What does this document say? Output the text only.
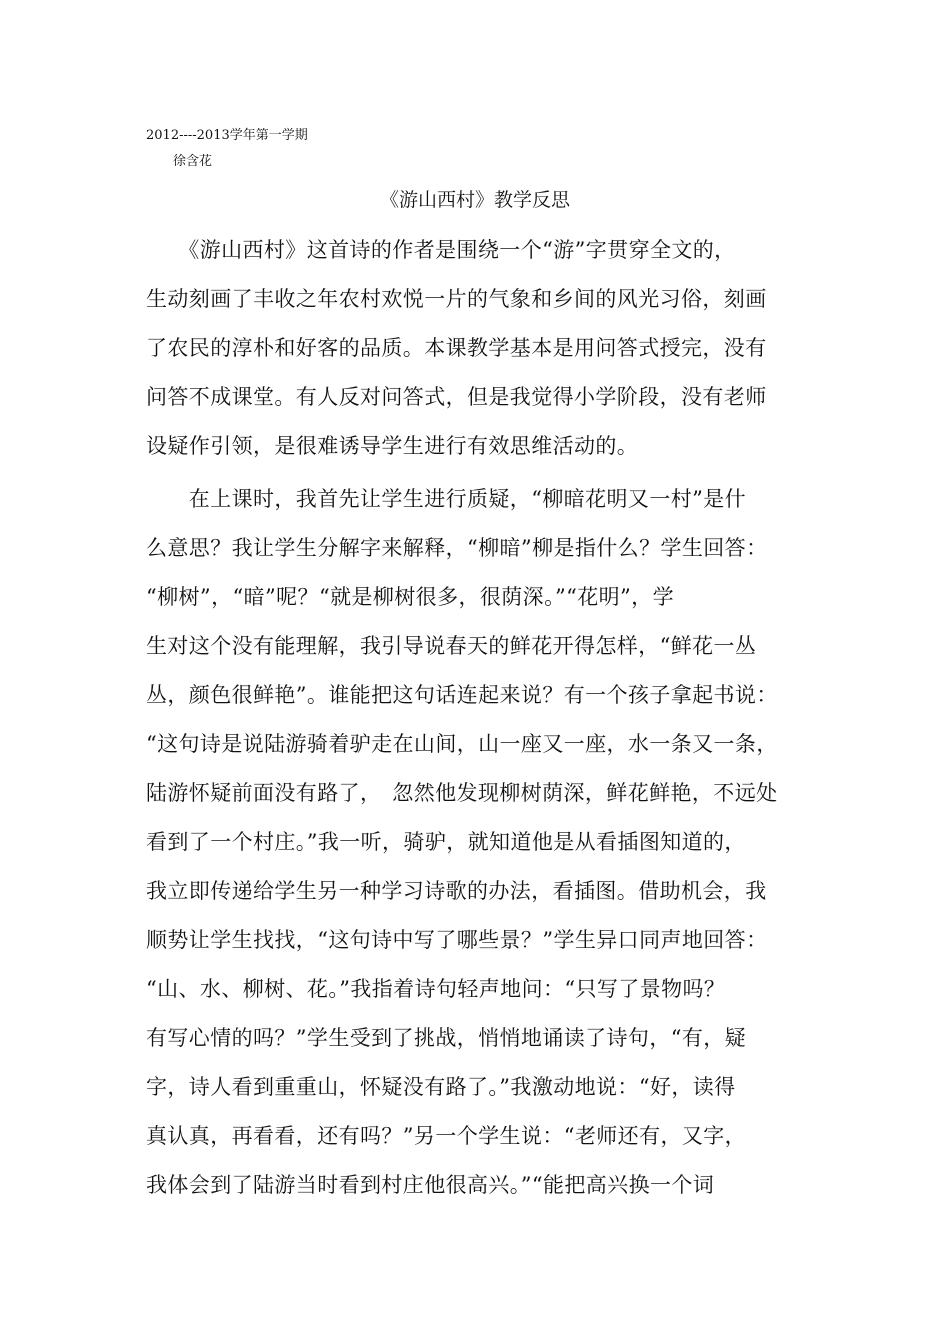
2012----2013学年第一学期
徐含花
《游山西村》教学反思
　　《游山西村》这首诗的作者是围绕一个“游”字贯穿全文的，
生动刻画了丰收之年农村欢悦一片的气象和乡间的风光习俗，刻画
了农民的淳朴和好客的品质。本课教学基本是用问答式授完，没有
问答不成课堂。有人反对问答式，但是我觉得小学阶段，没有老师
设疑作引领，是很难诱导学生进行有效思维活动的。
　　在上课时，我首先让学生进行质疑，“柳暗花明又一村”是什
么意思？我让学生分解字来解释，“柳暗”柳是指什么？学生回答：
“柳树”，“暗”呢？“就是柳树很多，很荫深。”“花明”，学
生对这个没有能理解，我引导说春天的鲜花开得怎样，“鲜花一丛
丛，颜色很鲜艳”。谁能把这句话连起来说？有一个孩子拿起书说：
“这句诗是说陆游骑着驴走在山间，山一座又一座，水一条又一条，
陆游怀疑前面没有路了，　忽然他发现柳树荫深，鲜花鲜艳，不远处
看到了一个村庄。”我一听，骑驴，就知道他是从看插图知道的，
我立即传递给学生另一种学习诗歌的办法，看插图。借助机会，我
顺势让学生找找，“这句诗中写了哪些景？”学生异口同声地回答：
“山、水、柳树、花。”我指着诗句轻声地问：“只写了景物吗？
有写心情的吗？”学生受到了挑战，悄悄地诵读了诗句，“有，疑
字，诗人看到重重山，怀疑没有路了。”我激动地说：“好，读得
真认真，再看看，还有吗？”另一个学生说：“老师还有，又字，
我体会到了陆游当时看到村庄他很高兴。”“能把高兴换一个词
